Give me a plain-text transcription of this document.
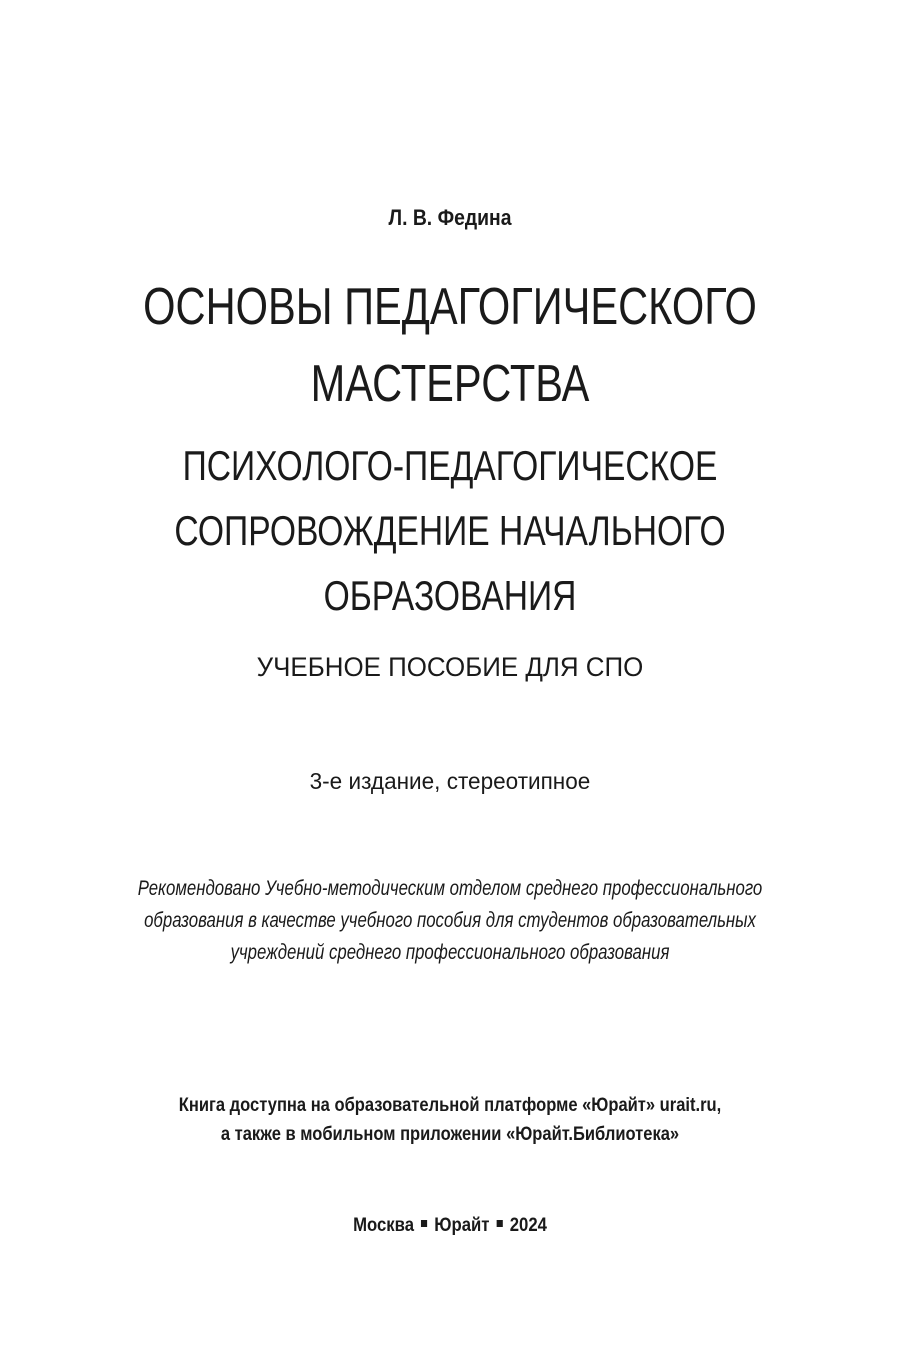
Л. В. Федина
ОСНОВЫ ПЕДАГОГИЧЕСКОГО
МАСТЕРСТВА
ПСИХОЛОГО-ПЕДАГОГИЧЕСКОЕ
СОПРОВОЖДЕНИЕ НАЧАЛЬНОГО
ОБРАЗОВАНИЯ
УЧЕБНОЕ ПОСОБИЕ ДЛЯ СПО
3-е издание, стереотипное
Рекомендовано Учебно-методическим отделом среднего профессионального
образования в качестве учебного пособия для студентов образовательных
учреждений среднего профессионального образования
Книга доступна на образовательной платформе «Юрайт» urait.ru,
а также в мобильном приложении «Юрайт.Библиотека»
Москва Юрайт 2024
